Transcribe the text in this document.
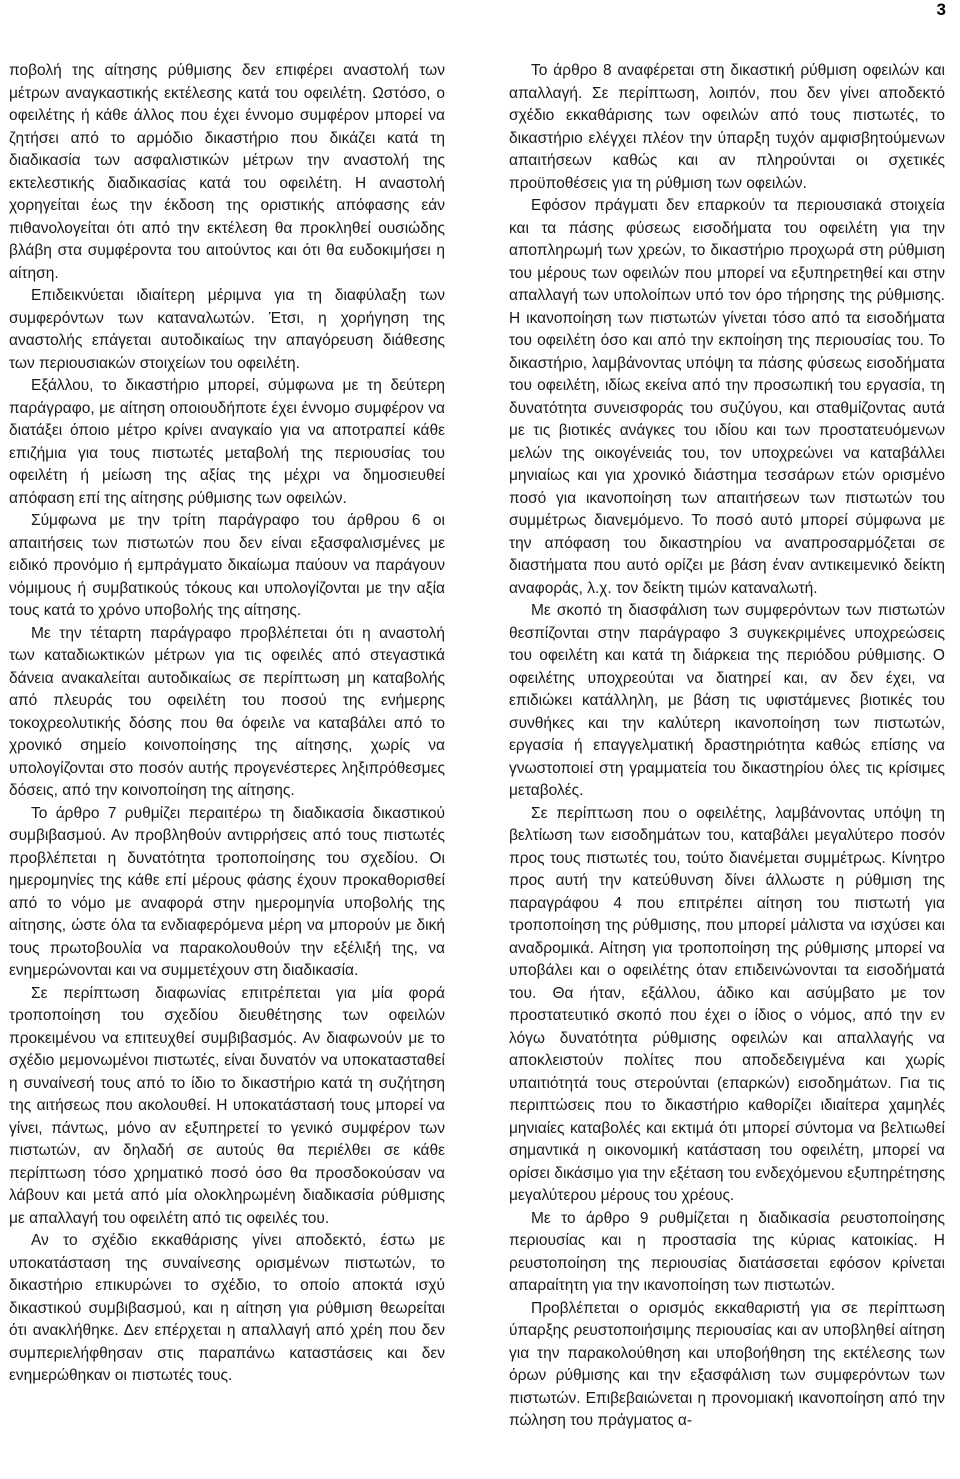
3

ποβολή της αίτησης ρύθμισης δεν επιφέρει αναστολή των μέτρων αναγκαστικής εκτέλεσης κατά του οφειλέτη. Ωστόσο, ο οφειλέτης ή κάθε άλλος που έχει έννομο συμφέρον μπορεί να ζητήσει από το αρμόδιο δικαστήριο που δικάζει κατά τη διαδικασία των ασφαλιστικών μέτρων την αναστολή της εκτελεστικής διαδικασίας κατά του οφειλέτη. Η αναστολή χορηγείται έως την έκδοση της οριστικής απόφασης εάν πιθανολογείται ότι από την εκτέλεση θα προκληθεί ουσιώδης βλάβη στα συμφέροντα του αιτούντος και ότι θα ευδοκιμήσει η αίτηση.

Επιδεικνύεται ιδιαίτερη μέριμνα για τη διαφύλαξη των συμφερόντων των καταναλωτών. Έτσι, η χορήγηση της αναστολής επάγεται αυτοδικαίως την απαγόρευση διάθεσης των περιουσιακών στοιχείων του οφειλέτη.

Εξάλλου, το δικαστήριο μπορεί, σύμφωνα με τη δεύτερη παράγραφο, με αίτηση οποιουδήποτε έχει έννομο συμφέρον να διατάξει όποιο μέτρο κρίνει αναγκαίο για να αποτραπεί κάθε επιζήμια για τους πιστωτές μεταβολή της περιουσίας του οφειλέτη ή μείωση της αξίας της μέχρι να δημοσιευθεί απόφαση επί της αίτησης ρύθμισης των οφειλών.

Σύμφωνα με την τρίτη παράγραφο του άρθρου 6 οι απαιτήσεις των πιστωτών που δεν είναι εξασφαλισμένες με ειδικό προνόμιο ή εμπράγματο δικαίωμα παύουν να παράγουν νόμιμους ή συμβατικούς τόκους και υπολογίζονται με την αξία τους κατά το χρόνο υποβολής της αίτησης.

Με την τέταρτη παράγραφο προβλέπεται ότι η αναστολή των καταδιωκτικών μέτρων για τις οφειλές από στεγαστικά δάνεια ανακαλείται αυτοδικαίως σε περίπτωση μη καταβολής από πλευράς του οφειλέτη του ποσού της ενήμερης τοκοχρεολυτικής δόσης που θα όφειλε να καταβάλει από το χρονικό σημείο κοινοποίησης της αίτησης, χωρίς να υπολογίζονται στο ποσόν αυτής προγενέστερες ληξιπρόθεσμες δόσεις, από την κοινοποίηση της αίτησης.

Το άρθρο 7 ρυθμίζει περαιτέρω τη διαδικασία δικαστικού συμβιβασμού. Αν προβληθούν αντιρρήσεις από τους πιστωτές προβλέπεται η δυνατότητα τροποποίησης του σχεδίου. Οι ημερομηνίες της κάθε επί μέρους φάσης έχουν προκαθορισθεί από το νόμο με αναφορά στην ημερομηνία υποβολής της αίτησης, ώστε όλα τα ενδιαφερόμενα μέρη να μπορούν με δική τους πρωτοβουλία να παρακολουθούν την εξέλιξή της, να ενημερώνονται και να συμμετέχουν στη διαδικασία.

Σε περίπτωση διαφωνίας επιτρέπεται για μία φορά τροποποίηση του σχεδίου διευθέτησης των οφειλών προκειμένου να επιτευχθεί συμβιβασμός. Αν διαφωνούν με το σχέδιο μεμονωμένοι πιστωτές, είναι δυνατόν να υποκατασταθεί η συναίνεσή τους από το ίδιο το δικαστήριο κατά τη συζήτηση της αιτήσεως που ακολουθεί. Η υποκατάστασή τους μπορεί να γίνει, πάντως, μόνο αν εξυπηρετεί το γενικό συμφέρον των πιστωτών, αν δηλαδή σε αυτούς θα περιέλθει σε κάθε περίπτωση τόσο χρηματικό ποσό όσο θα προσδοκούσαν να λάβουν και μετά από μία ολοκληρωμένη διαδικασία ρύθμισης με απαλλαγή του οφειλέτη από τις οφειλές του.

Αν το σχέδιο εκκαθάρισης γίνει αποδεκτό, έστω με υποκατάσταση της συναίνεσης ορισμένων πιστωτών, το δικαστήριο επικυρώνει το σχέδιο, το οποίο αποκτά ισχύ δικαστικού συμβιβασμού, και η αίτηση για ρύθμιση θεωρείται ότι ανακλήθηκε. Δεν επέρχεται η απαλλαγή από χρέη που δεν συμπεριελήφθησαν στις παραπάνω καταστάσεις και δεν ενημερώθηκαν οι πιστωτές τους.

Το άρθρο 8 αναφέρεται στη δικαστική ρύθμιση οφειλών και απαλλαγή. Σε περίπτωση, λοιπόν, που δεν γίνει αποδεκτό σχέδιο εκκαθάρισης των οφειλών από τους πιστωτές, το δικαστήριο ελέγχει πλέον την ύπαρξη τυχόν αμφισβητούμενων απαιτήσεων καθώς και αν πληρούνται οι σχετικές προϋποθέσεις για τη ρύθμιση των οφειλών.

Εφόσον πράγματι δεν επαρκούν τα περιουσιακά στοιχεία και τα πάσης φύσεως εισοδήματα του οφειλέτη για την αποπληρωμή των χρεών, το δικαστήριο προχωρά στη ρύθμιση του μέρους των οφειλών που μπορεί να εξυπηρετηθεί και στην απαλλαγή των υπολοίπων υπό τον όρο τήρησης της ρύθμισης. Η ικανοποίηση των πιστωτών γίνεται τόσο από τα εισοδήματα του οφειλέτη όσο και από την εκποίηση της περιουσίας του. Το δικαστήριο, λαμβάνοντας υπόψη τα πάσης φύσεως εισοδήματα του οφειλέτη, ιδίως εκείνα από την προσωπική του εργασία, τη δυνατότητα συνεισφοράς του συζύγου, και σταθμίζοντας αυτά με τις βιοτικές ανάγκες του ιδίου και των προστατευόμενων μελών της οικογένειάς του, τον υποχρεώνει να καταβάλλει μηνιαίως και για χρονικό διάστημα τεσσάρων ετών ορισμένο ποσό για ικανοποίηση των απαιτήσεων των πιστωτών του συμμέτρως διανεμόμενο. Το ποσό αυτό μπορεί σύμφωνα με την απόφαση του δικαστηρίου να αναπροσαρμόζεται σε διαστήματα που αυτό ορίζει με βάση έναν αντικειμενικό δείκτη αναφοράς, λ.χ. τον δείκτη τιμών καταναλωτή.

Με σκοπό τη διασφάλιση των συμφερόντων των πιστωτών θεσπίζονται στην παράγραφο 3 συγκεκριμένες υποχρεώσεις του οφειλέτη και κατά τη διάρκεια της περιόδου ρύθμισης. Ο οφειλέτης υποχρεούται να διατηρεί και, αν δεν έχει, να επιδιώκει κατάλληλη, με βάση τις υφιστάμενες βιοτικές του συνθήκες και την καλύτερη ικανοποίηση των πιστωτών, εργασία ή επαγγελματική δραστηριότητα καθώς επίσης να γνωστοποιεί στη γραμματεία του δικαστηρίου όλες τις κρίσιμες μεταβολές.

Σε περίπτωση που ο οφειλέτης, λαμβάνοντας υπόψη τη βελτίωση των εισοδημάτων του, καταβάλει μεγαλύτερο ποσόν προς τους πιστωτές του, τούτο διανέμεται συμμέτρως. Κίνητρο προς αυτή την κατεύθυνση δίνει άλλωστε η ρύθμιση της παραγράφου 4 που επιτρέπει αίτηση του πιστωτή για τροποποίηση της ρύθμισης, που μπορεί μάλιστα να ισχύσει και αναδρομικά. Αίτηση για τροποποίηση της ρύθμισης μπορεί να υποβάλει και ο οφειλέτης όταν επιδεινώνονται τα εισοδήματά του. Θα ήταν, εξάλλου, άδικο και ασύμβατο με τον προστατευτικό σκοπό που έχει ο ίδιος ο νόμος, από την εν λόγω δυνατότητα ρύθμισης οφειλών και απαλλαγής να αποκλειστούν πολίτες που αποδεδειγμένα και χωρίς υπαιτιότητά τους στερούνται (επαρκών) εισοδημάτων. Για τις περιπτώσεις που το δικαστήριο καθορίζει ιδιαίτερα χαμηλές μηνιαίες καταβολές και εκτιμά ότι μπορεί σύντομα να βελτιωθεί σημαντικά η οικονομική κατάσταση του οφειλέτη, μπορεί να ορίσει δικάσιμο για την εξέταση του ενδεχόμενου εξυπηρέτησης μεγαλύτερου μέρους του χρέους.

Με το άρθρο 9 ρυθμίζεται η διαδικασία ρευστοποίησης περιουσίας και η προστασία της κύριας κατοικίας. Η ρευστοποίηση της περιουσίας διατάσσεται εφόσον κρίνεται απαραίτητη για την ικανοποίηση των πιστωτών.

Προβλέπεται ο ορισμός εκκαθαριστή για σε περίπτωση ύπαρξης ρευστοποιήσιμης περιουσίας και αν υποβληθεί αίτηση για την παρακολούθηση και υποβοήθηση της εκτέλεσης των όρων ρύθμισης και την εξασφάλιση των συμφερόντων των πιστωτών. Επιβεβαιώνεται η προνομιακή ικανοποίηση από την πώληση του πράγματος α-
